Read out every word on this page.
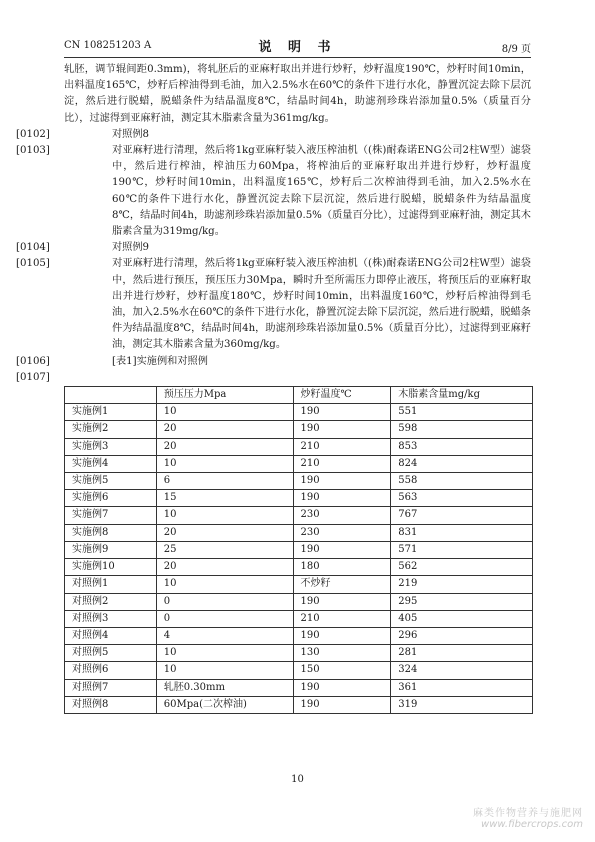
CN 108251203 A	说 明 书	8/9 页

轧胚，调节辊间距0.3mm)，将轧胚后的亚麻籽取出并进行炒籽，炒籽温度190℃，炒籽时间10min，出料温度165℃，炒籽后榨油得到毛油，加入2.5%水在60℃的条件下进行水化，静置沉淀去除下层沉淀，然后进行脱蜡，脱蜡条件为结晶温度8℃，结晶时间4h，助滤剂珍珠岩添加量0.5%（质量百分比），过滤得到亚麻籽油，测定其木脂素含量为361mg/kg。

[0102]	对照例8

[0103]	对亚麻籽进行清理，然后将1kg亚麻籽装入液压榨油机（(株)耐森诺ENG公司2柱W型）滤袋中，然后进行榨油，榨油压力60Mpa，将榨油后的亚麻籽取出并进行炒籽，炒籽温度190℃，炒籽时间10min，出料温度165℃，炒籽后二次榨油得到毛油，加入2.5%水在60℃的条件下进行水化，静置沉淀去除下层沉淀，然后进行脱蜡，脱蜡条件为结晶温度8℃，结晶时间4h，助滤剂珍珠岩添加量0.5%（质量百分比），过滤得到亚麻籽油，测定其木脂素含量为319mg/kg。

[0104]	对照例9

[0105]	对亚麻籽进行清理，然后将1kg亚麻籽装入液压榨油机（(株)耐森诺ENG公司2柱W型）滤袋中，然后进行预压，预压压力30Mpa，瞬时升至所需压力即停止液压，将预压后的亚麻籽取出并进行炒籽，炒籽温度180℃，炒籽时间10min，出料温度160℃，炒籽后榨油得到毛油，加入2.5%水在60℃的条件下进行水化，静置沉淀去除下层沉淀，然后进行脱蜡，脱蜡条件为结晶温度8℃，结晶时间4h，助滤剂珍珠岩添加量0.5%（质量百分比），过滤得到亚麻籽油，测定其木脂素含量为360mg/kg。

[0106]	[表1]实施例和对照例

[0107]

	预压压力Mpa	炒籽温度℃	木脂素含量mg/kg
实施例1	10	190	551
实施例2	20	190	598
实施例3	20	210	853
实施例4	10	210	824
实施例5	6	190	558
实施例6	15	190	563
实施例7	10	230	767
实施例8	20	230	831
实施例9	25	190	571
实施例10	20	180	562
对照例1	10	不炒籽	219
对照例2	0	190	295
对照例3	0	210	405
对照例4	4	190	296
对照例5	10	130	281
对照例6	10	150	324
对照例7	轧胚0.30mm	190	361
对照例8	60Mpa(二次榨油)	190	319
10
麻类作物营养与施肥网
www.fibercrops.com
